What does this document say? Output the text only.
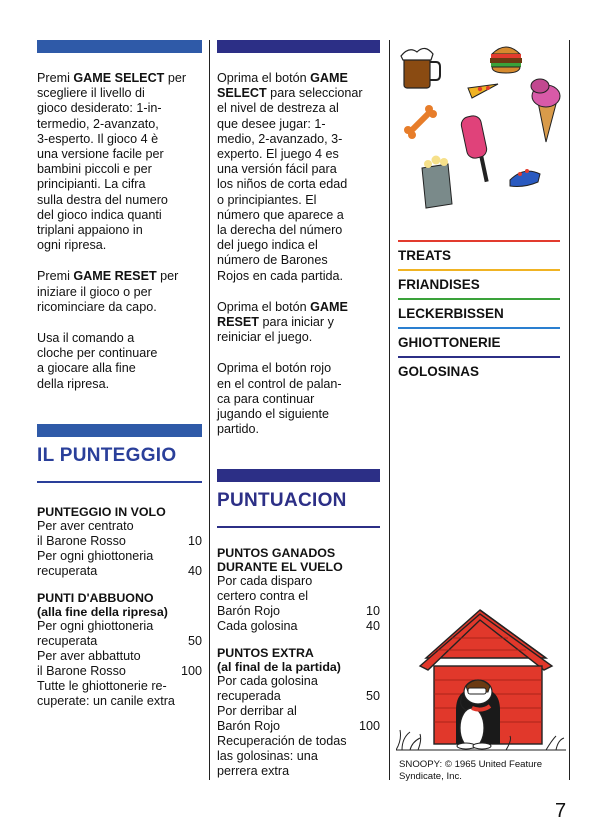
Premi GAME SELECT per
scegliere il livello di
gioco desiderato: 1-in-
termedio, 2-avanzato,
3-esperto. Il gioco 4 è
una versione facile per
bambini piccoli e per
principianti. La cifra
sulla destra del numero
del gioco indica quanti
triplani appaiono in
ogni ripresa.

Premi GAME RESET per
iniziare il gioco o per
ricominciare da capo.

Usa il comando a
cloche per continuare
a giocare alla fine
della ripresa.

IL PUNTEGGIO

PUNTEGGIO IN VOLO

Per aver centrato
il Barone Rosso	10
Per ogni ghiottoneria
recuperata	40

PUNTI D'ABBUONO
(alla fine della ripresa)

Per ogni ghiottoneria
recuperata	50
Per aver abbattuto
il Barone Rosso	100

Tutte le ghiottonerie re-
cuperate: un canile extra

Oprima el botón GAME
SELECT para seleccionar
el nivel de destreza al
que desee jugar: 1-
medio, 2-avanzado, 3-
experto. El juego 4 es
una versión fácil para
los niños de corta edad
o principiantes. El
número que aparece a
la derecha del número
del juego indica el
número de Barones
Rojos en cada partida.

Oprima el botón GAME
RESET para iniciar y
reiniciar el juego.

Oprima el botón rojo
en el control de palan-
ca para continuar
jugando el siguiente
partido.

PUNTUACION

PUNTOS GANADOS
DURANTE EL VUELO

Por cada disparo
certero contra el
Barón Rojo	10
Cada golosina	40

PUNTOS EXTRA
(al final de la partida)

Por cada golosina
recuperada	50
Por derribar al
Barón Rojo	100

Recuperación de todas
las golosinas: una
perrera extra

TREATS
FRIANDISES
LECKERBISSEN
GHIOTTONERIE
GOLOSINAS
SNOOPY: © 1965 United Feature
Syndicate, Inc.
7
